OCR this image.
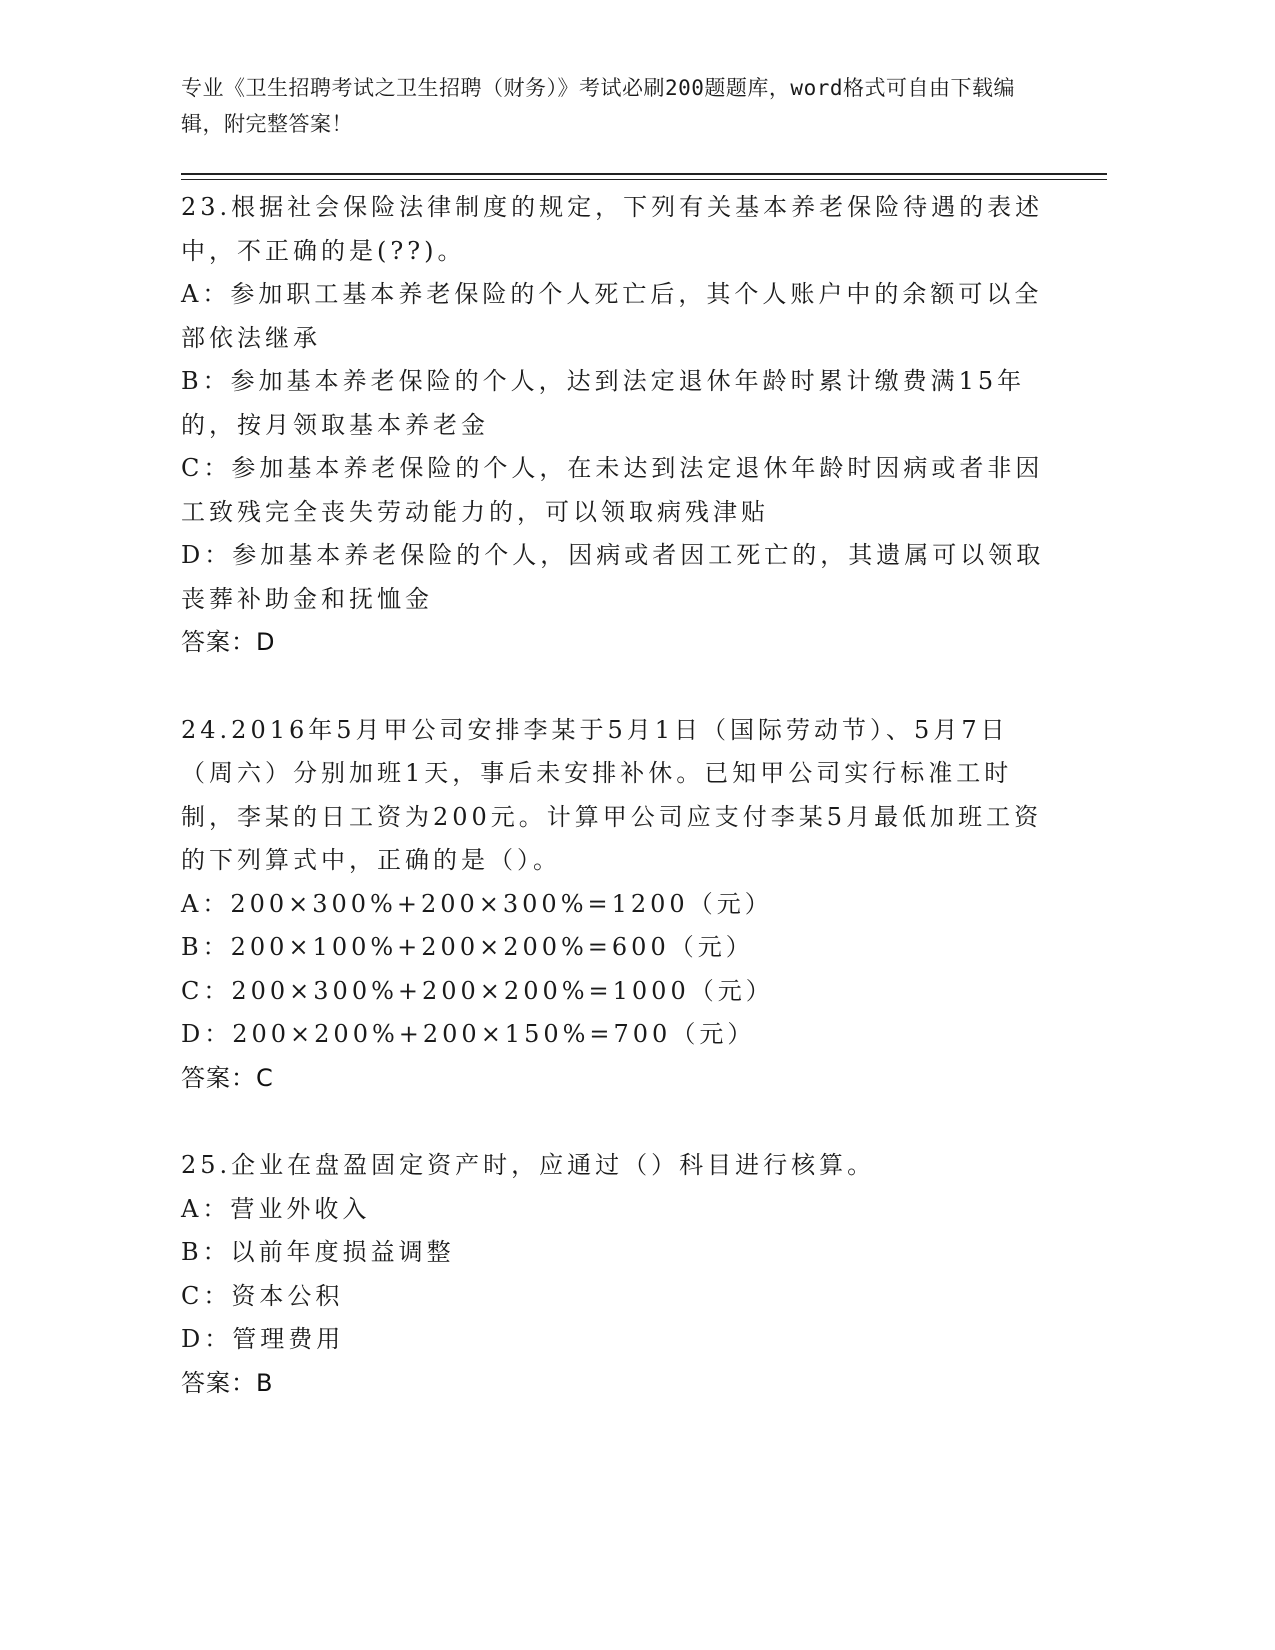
专业《卫生招聘考试之卫生招聘（财务）》考试必刷200题题库，word格式可自由下载编辑，附完整答案！

23.根据社会保险法律制度的规定，下列有关基本养老保险待遇的表述中，不正确的是(??)。

A：参加职工基本养老保险的个人死亡后，其个人账户中的余额可以全部依法继承

B：参加基本养老保险的个人，达到法定退休年龄时累计缴费满15年的，按月领取基本养老金

C：参加基本养老保险的个人，在未达到法定退休年龄时因病或者非因工致残完全丧失劳动能力的，可以领取病残津贴

D：参加基本养老保险的个人，因病或者因工死亡的，其遗属可以领取丧葬补助金和抚恤金

答案：D

24.2016年5月甲公司安排李某于5月1日（国际劳动节）、5月7日（周六）分别加班1天，事后未安排补休。已知甲公司实行标准工时制，李某的日工资为200元。计算甲公司应支付李某5月最低加班工资的下列算式中，正确的是（）。

A：200×300%+200×300%=1200（元）

B：200×100%+200×200%=600（元）

C：200×300%+200×200%=1000（元）

D：200×200%+200×150%=700（元）

答案：C

25.企业在盘盈固定资产时，应通过（）科目进行核算。

A：营业外收入

B：以前年度损益调整

C：资本公积

D：管理费用

答案：B
